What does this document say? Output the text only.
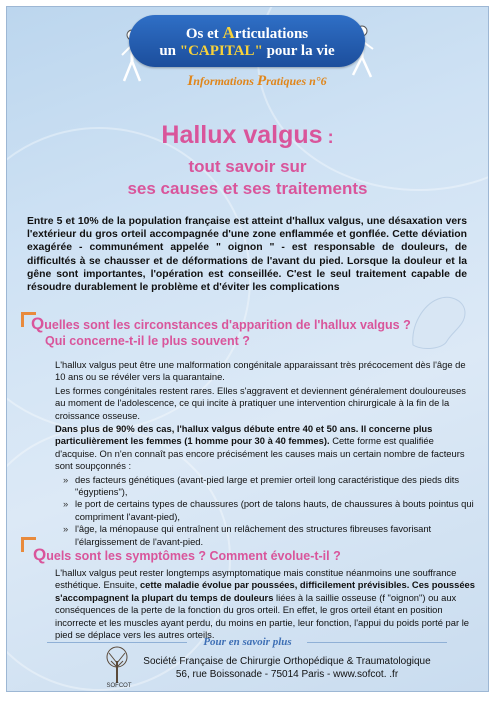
Os et Articulations
un "CAPITAL" pour la vie
Informations Pratiques n°6
Hallux valgus :
tout savoir sur
ses causes et ses traitements
Entre 5 et 10% de la population française est atteint d'hallux valgus, une désaxation vers l'extérieur du gros orteil accompagnée d'une zone enflammée et gonflée. Cette déviation exagérée - communément appelée " oignon " - est responsable de douleurs, de difficultés à se chausser et de déformations de l'avant du pied. Lorsque la douleur et la gêne sont importantes, l'opération est conseillée. C'est le seul traitement capable de résoudre durablement le problème et d'éviter les complications
Quelles sont les circonstances d'apparition de l'hallux valgus ?
Qui concerne-t-il le plus souvent ?

L'hallux valgus peut être une malformation congénitale apparaissant très précocement dès l'âge de 10 ans ou se révéler vers la quarantaine.

Les formes congénitales restent rares. Elles s'aggravent et deviennent généralement douloureuses au moment de l'adolescence, ce qui incite à pratiquer une intervention chirurgicale à la fin de la croissance osseuse.

Dans plus de 90% des cas, l'hallux valgus débute entre 40 et 50 ans. Il concerne plus particulièrement les femmes (1 homme pour 30 à 40 femmes). Cette forme est qualifiée d'acquise. On n'en connaît pas encore précisément les causes mais un certain nombre de facteurs sont soupçonnés :

» des facteurs génétiques (avant-pied large et premier orteil long caractéristique des pieds dits "égyptiens"),
» le port de certains types de chaussures (port de talons hauts, de chaussures à bouts pointus qui compriment l'avant-pied),
» l'âge, la ménopause qui entraînent un relâchement des structures fibreuses favorisant l'élargissement de l'avant-pied.
Quels sont les symptômes ? Comment évolue-t-il ?

L'hallux valgus peut rester longtemps asymptomatique mais constitue néanmoins une souffrance esthétique. Ensuite, cette maladie évolue par poussées, difficilement prévisibles. Ces poussées s'accompagnent la plupart du temps de douleurs liées à la saillie osseuse (f "oignon") ou aux conséquences de la perte de la fonction du gros orteil. En effet, le gros orteil étant en position incorrecte et les muscles ayant perdu, du moins en partie, leur fonction, l'appui du poids porté par le pied se déplace vers les autres orteils.

Pour en savoir plus
SOFCOT
Société Française de Chirurgie Orthopédique & Traumatologique
56, rue Boissonade - 75014 Paris - www.sofcot. .fr
